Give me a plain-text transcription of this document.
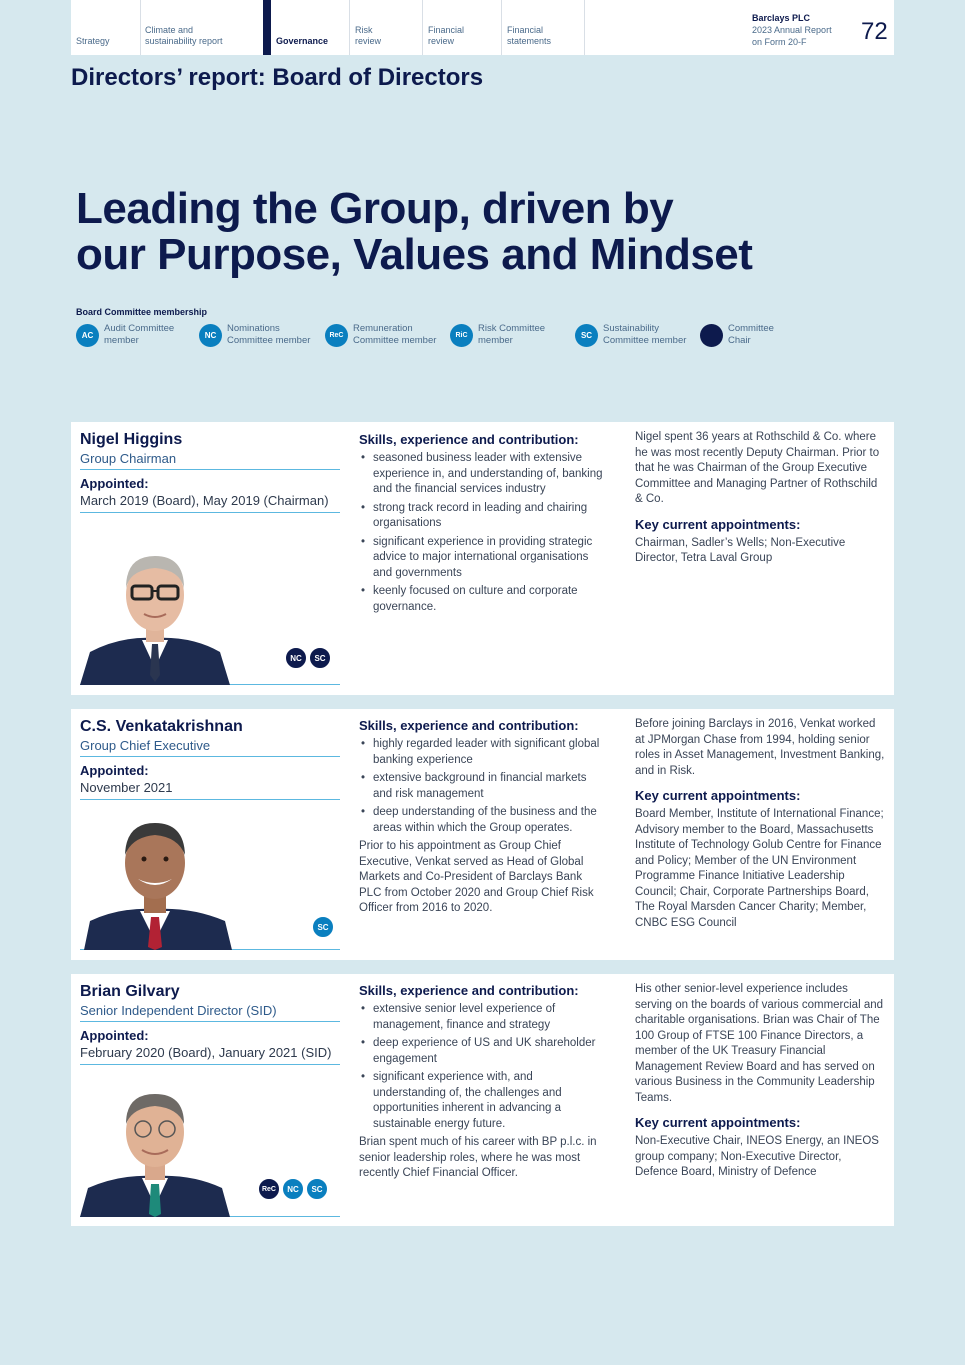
Strategy
Climate and sustainability report	Governance
Risk review
Financial review
Financial statements
Barclays PLC
2023 Annual Report
on Form 20-F	72
Directors’ report: Board of Directors
Leading the Group, driven by
our Purpose, Values and Mindset
Board Committee membership
AC
Audit Committee
member	NC
Nominations
Committee member	ReC
Remuneration
Committee member	RiC
Risk Committee
member	SC
Sustainability
Committee member
Committee
Chair
Nigel Higgins
Group Chairman
Appointed:
March 2019 (Board), May 2019 (Chairman)
NC	SC
Skills, experience and contribution:
• seasoned business leader with extensive experience in, and understanding of, banking and the financial services industry
• strong track record in leading and chairing organisations
• significant experience in providing strategic advice to major international organisations and governments
• keenly focused on culture and corporate governance.
Nigel spent 36 years at Rothschild & Co. where he was most recently Deputy Chairman. Prior to that he was Chairman of the Group Executive Committee and Managing Partner of Rothschild & Co.
Key current appointments:
Chairman, Sadler’s Wells; Non-Executive Director, Tetra Laval Group
C.S. Venkatakrishnan
Group Chief Executive
Appointed:
November 2021
SC
Skills, experience and contribution:
• highly regarded leader with significant global banking experience
• extensive background in financial markets and risk management
• deep understanding of the business and the areas within which the Group operates.
Prior to his appointment as Group Chief Executive, Venkat served as Head of Global Markets and Co-President of Barclays Bank PLC from October 2020 and Group Chief Risk Officer from 2016 to 2020.
Before joining Barclays in 2016, Venkat worked at JPMorgan Chase from 1994, holding senior roles in Asset Management, Investment Banking, and in Risk.
Key current appointments:
Board Member, Institute of International Finance; Advisory member to the Board, Massachusetts Institute of Technology Golub Centre for Finance and Policy; Member of the UN Environment Programme Finance Initiative Leadership Council; Chair, Corporate Partnerships Board, The Royal Marsden Cancer Charity; Member, CNBC ESG Council
Brian Gilvary
Senior Independent Director (SID)
Appointed:
February 2020 (Board), January 2021 (SID)
ReC	NC	SC
Skills, experience and contribution:
• extensive senior level experience of management, finance and strategy
• deep experience of US and UK shareholder engagement
• significant experience with, and understanding of, the challenges and opportunities inherent in advancing a sustainable energy future.
Brian spent much of his career with BP p.l.c. in senior leadership roles, where he was most recently Chief Financial Officer.
His other senior-level experience includes serving on the boards of various commercial and charitable organisations. Brian was Chair of The 100 Group of FTSE 100 Finance Directors, a member of the UK Treasury Financial Management Review Board and has served on various Business in the Community Leadership Teams.
Key current appointments:
Non-Executive Chair, INEOS Energy, an INEOS group company; Non-Executive Director, Defence Board, Ministry of Defence
